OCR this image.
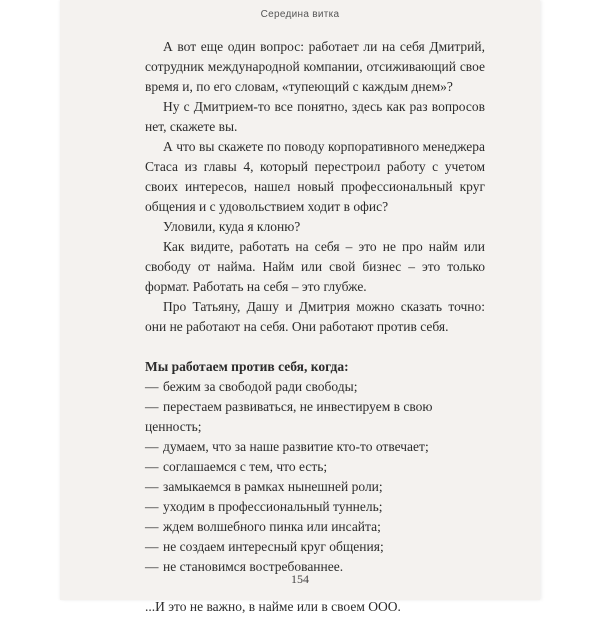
Середина витка

А вот еще один вопрос: работает ли на себя Дмитрий, сотрудник международной компании, отсиживающий свое время и, по его словам, «тупеющий с каждым днем»?

Ну с Дмитрием-то все понятно, здесь как раз вопросов нет, скажете вы.

А что вы скажете по поводу корпоративного менеджера Стаса из главы 4, который перестроил работу с учетом своих интересов, нашел новый профессиональный круг общения и с удовольствием ходит в офис?

Уловили, куда я клоню?

Как видите, работать на себя – это не про найм или свободу от найма. Найм или свой бизнес – это только формат. Работать на себя – это глубже.

Про Татьяну, Дашу и Дмитрия можно сказать точно: они не работают на себя. Они работают против себя.

Мы работаем против себя, когда:

— бежим за свободой ради свободы;
— перестаем развиваться, не инвестируем в свою ценность;
— думаем, что за наше развитие кто-то отвечает;
— соглашаемся с тем, что есть;
— замыкаемся в рамках нынешней роли;
— уходим в профессиональный туннель;
— ждем волшебного пинка или инсайта;
— не создаем интересный круг общения;
— не становимся востребованнее.

...И это не важно, в найме или в своем ООО.

154
